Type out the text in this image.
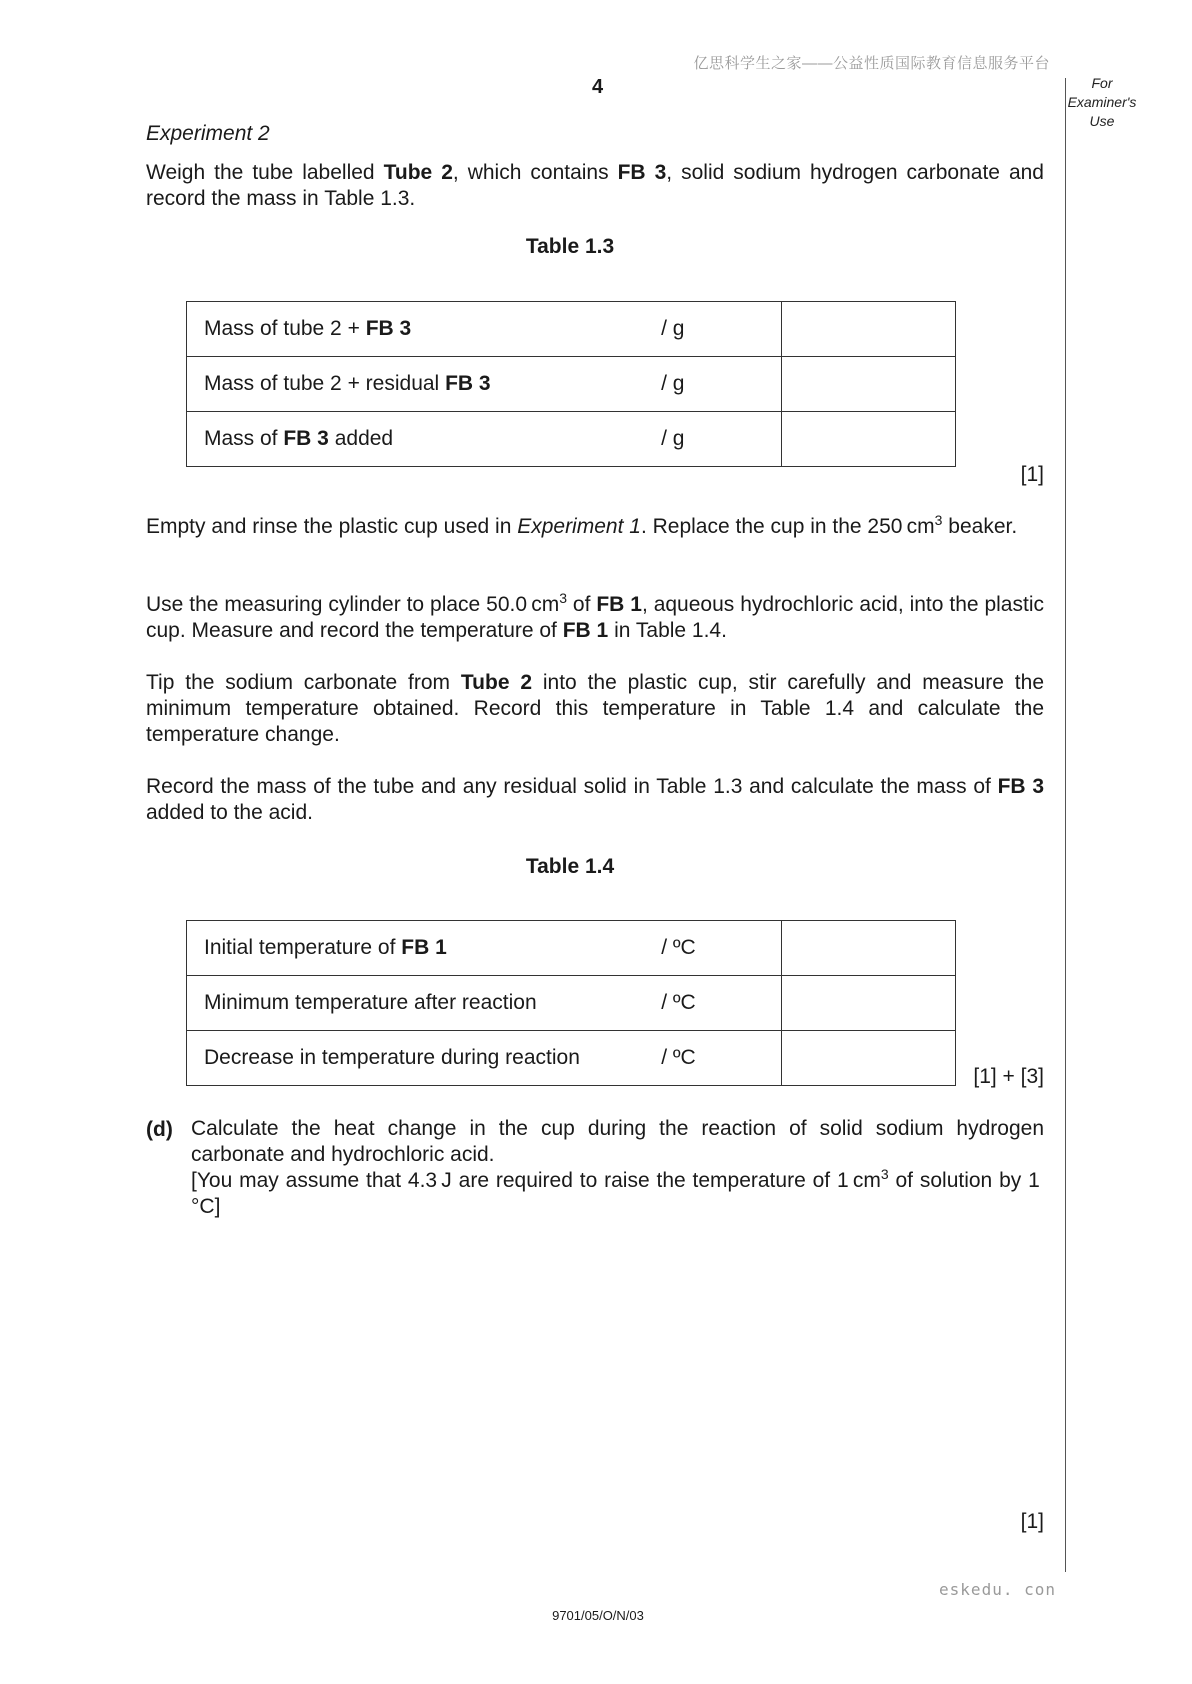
亿思科学生之家——公益性质国际教育信息服务平台
4	For
Examiner's
Use
Experiment 2
Weigh the tube labelled Tube 2, which contains FB 3, solid sodium hydrogen carbonate and record the mass in Table 1.3.
Table 1.3
Mass of tube 2 + FB 3	/ g	
Mass of tube 2 + residual FB 3	/ g	
Mass of FB 3 added	/ g	
[1]
Empty and rinse the plastic cup used in Experiment 1. Replace the cup in the 250 $cm^3$ beaker.
Use the measuring cylinder to place 50.0 $cm^3$ of FB 1, aqueous hydrochloric acid, into the plastic cup. Measure and record the temperature of FB 1 in Table 1.4.
Tip the sodium carbonate from Tube 2 into the plastic cup, stir carefully and measure the minimum temperature obtained. Record this temperature in Table 1.4 and calculate the temperature change.
Record the mass of the tube and any residual solid in Table 1.3 and calculate the mass of FB 3 added to the acid.
Table 1.4
Initial temperature of FB 1	/ ºC	
Minimum temperature after reaction	/ ºC	
Decrease in temperature during reaction	/ ºC	
[1] + [3]
(d) Calculate the heat change in the cup during the reaction of solid sodium hydrogen carbonate and hydrochloric acid.
[You may assume that 4.3 J are required to raise the temperature of 1 $cm^3$ of solution by 1 °C]
[1]
eskedu. con
9701/05/O/N/03
